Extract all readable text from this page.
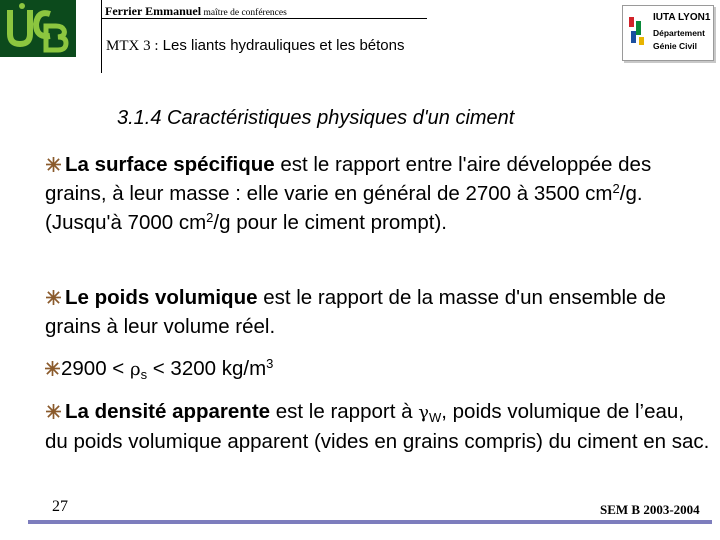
Ferrier Emmanuel maître de conférences
MTX 3 : Les liants hydrauliques et les bétons
IUTA LYON1
Département
Génie Civil
3.1.4 Caractéristiques physiques d'un ciment
La surface spécifique est le rapport entre l'aire développée des grains, à leur masse : elle varie en général de 2700 à 3500 $cm^2/g$. (Jusqu'à 7000 $cm^2/g$ pour le ciment prompt).
Le poids volumique est le rapport de la masse d'un ensemble de grains à leur volume réel.
$2900 < \rho_s < 3200$ $kg/m^3$
La densité apparente est le rapport à $\gamma_W$, poids volumique de l’eau, du poids volumique apparent (vides en grains compris) du ciment en sac.
27	SEM B 2003-2004
